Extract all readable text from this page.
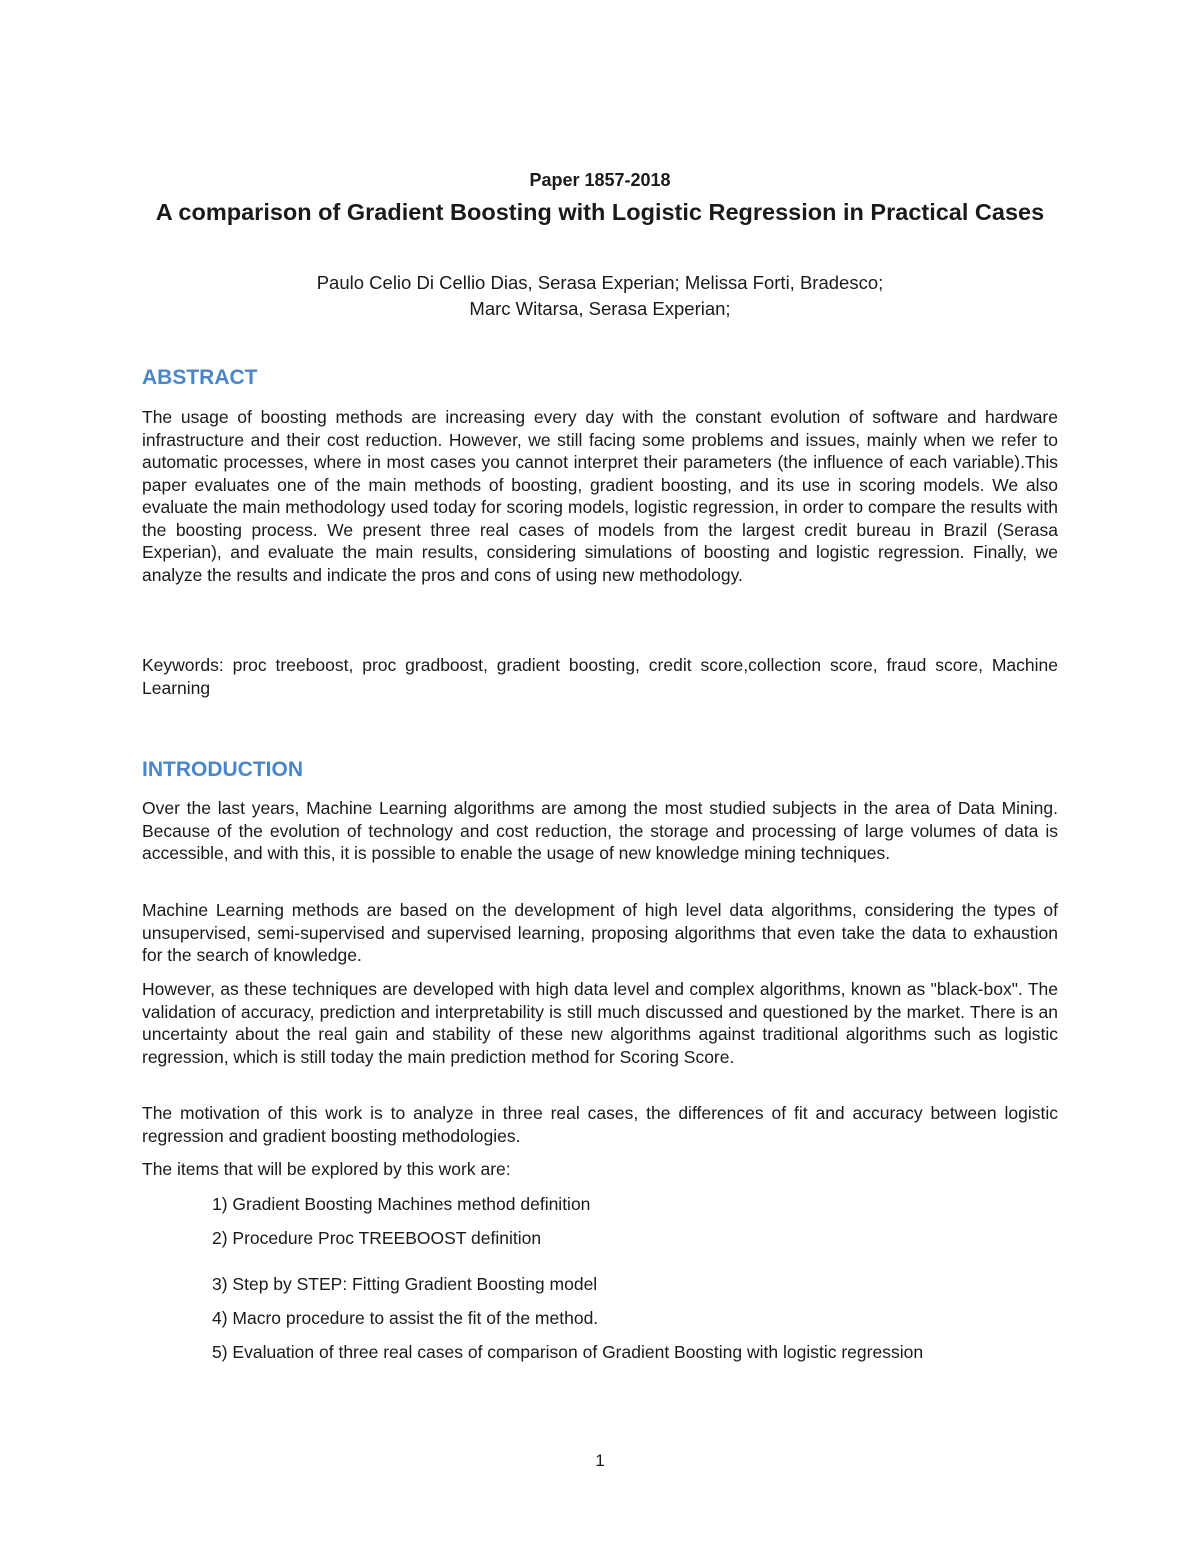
Paper 1857-2018
A comparison of Gradient Boosting with Logistic Regression in Practical Cases
Paulo Celio Di Cellio Dias, Serasa Experian; Melissa Forti, Bradesco;
Marc Witarsa, Serasa Experian;
ABSTRACT

The usage of boosting methods are increasing every day with the constant evolution of software and hardware infrastructure and their cost reduction. However, we still facing some problems and issues, mainly when we refer to automatic processes, where in most cases you cannot interpret their parameters (the influence of each variable).This paper evaluates one of the main methods of boosting, gradient boosting, and its use in scoring models. We also evaluate the main methodology used today for scoring models, logistic regression, in order to compare the results with the boosting process. We present three real cases of models from the largest credit bureau in Brazil (Serasa Experian), and evaluate the main results, considering simulations of boosting and logistic regression. Finally, we analyze the results and indicate the pros and cons of using new methodology.

Keywords: proc treeboost, proc gradboost, gradient boosting, credit score,collection score, fraud score, Machine Learning

INTRODUCTION

Over the last years, Machine Learning algorithms are among the most studied subjects in the area of Data Mining. Because of the evolution of technology and cost reduction, the storage and processing of large volumes of data is accessible, and with this, it is possible to enable the usage of new knowledge mining techniques.

Machine Learning methods are based on the development of high level data algorithms, considering the types of unsupervised, semi-supervised and supervised learning, proposing algorithms that even take the data to exhaustion for the search of knowledge.

However, as these techniques are developed with high data level and complex algorithms, known as "black-box". The validation of accuracy, prediction and interpretability is still much discussed and questioned by the market. There is an uncertainty about the real gain and stability of these new algorithms against traditional algorithms such as logistic regression, which is still today the main prediction method for Scoring Score.

The motivation of this work is to analyze in three real cases, the differences of fit and accuracy between logistic regression and gradient boosting methodologies.

The items that will be explored by this work are:

1) Gradient Boosting Machines method definition
2) Procedure Proc TREEBOOST definition
3) Step by STEP: Fitting Gradient Boosting model
4) Macro procedure to assist the fit of the method.
5) Evaluation of three real cases of comparison of Gradient Boosting with logistic regression
1
